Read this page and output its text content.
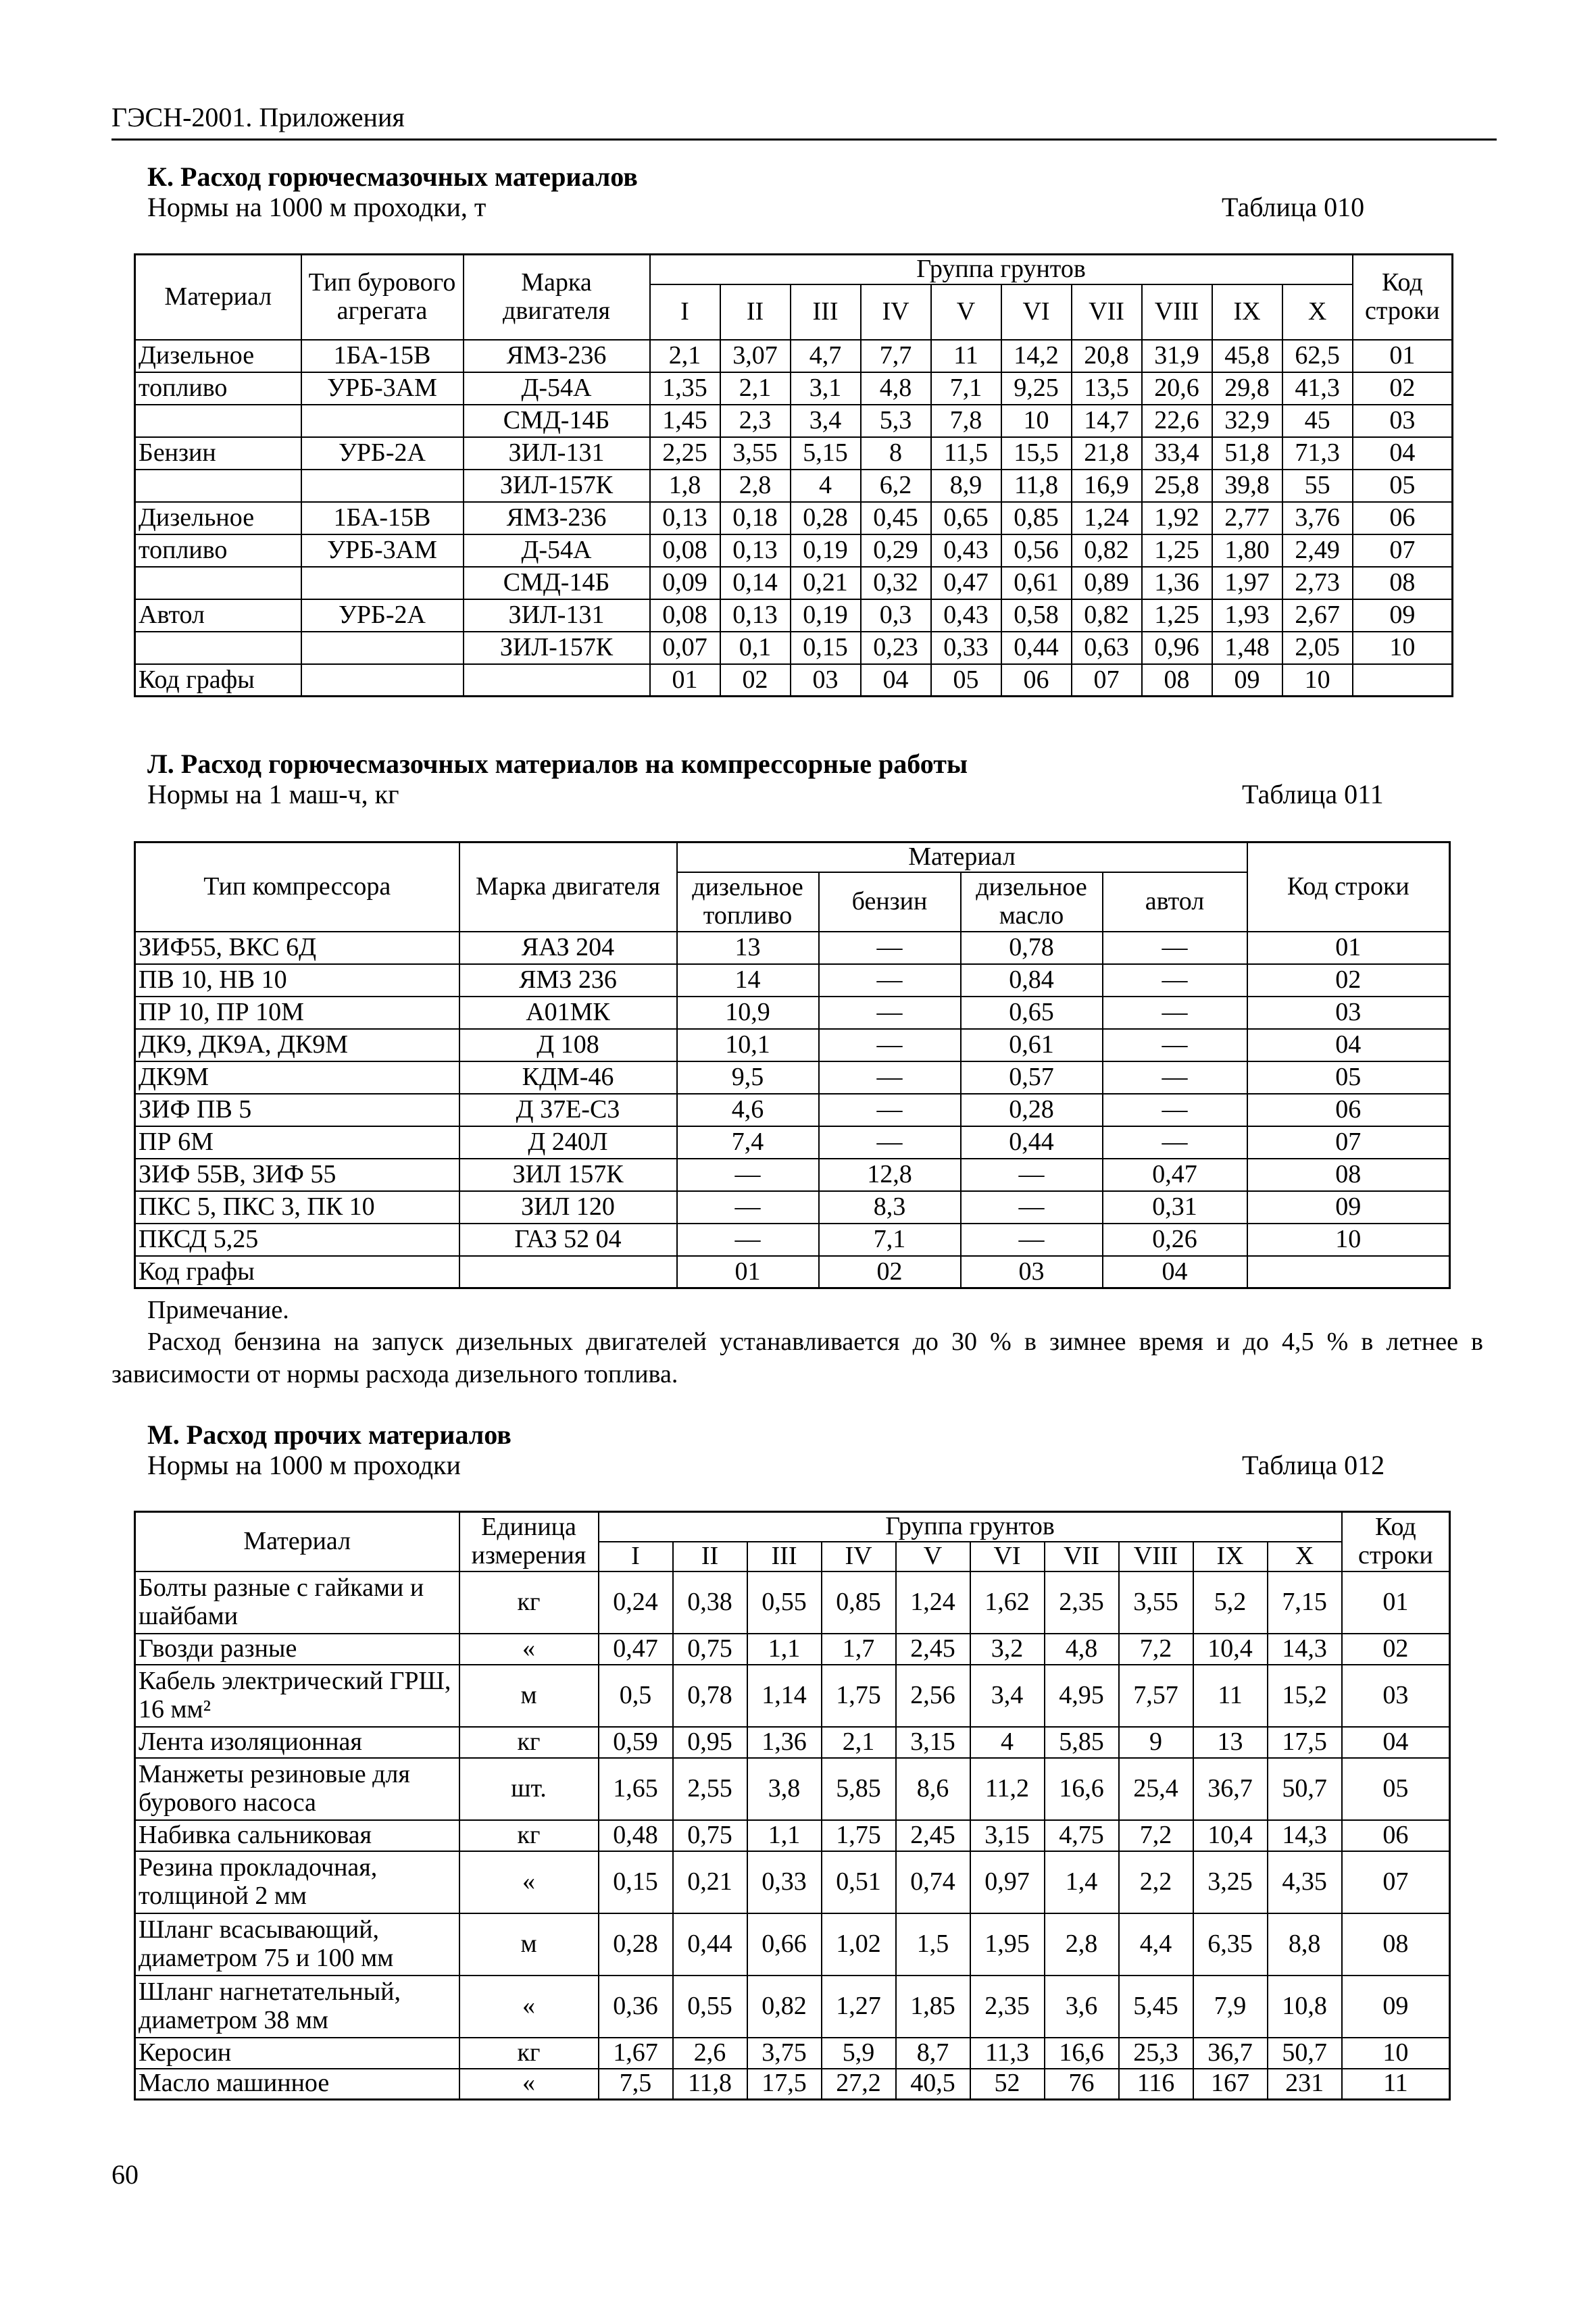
ГЭСН-2001. Приложения
К. Расход горючесмазочных материалов
Нормы на 1000 м проходки, т	Таблица 010
Материал	Тип бурового агрегата	Марка двигателя	Группа грунтов										Код строки
			I	II	III	IV	V	VI	VII	VIII	IX	X	
Дизельное	1БА-15В	ЯМЗ-236	2,1	3,07	4,7	7,7	11	14,2	20,8	31,9	45,8	62,5	01
топливо	УРБ-3АМ	Д-54А	1,35	2,1	3,1	4,8	7,1	9,25	13,5	20,6	29,8	41,3	02
		СМД-14Б	1,45	2,3	3,4	5,3	7,8	10	14,7	22,6	32,9	45	03
Бензин	УРБ-2А	ЗИЛ-131	2,25	3,55	5,15	8	11,5	15,5	21,8	33,4	51,8	71,3	04
		ЗИЛ-157К	1,8	2,8	4	6,2	8,9	11,8	16,9	25,8	39,8	55	05
Дизельное	1БА-15В	ЯМЗ-236	0,13	0,18	0,28	0,45	0,65	0,85	1,24	1,92	2,77	3,76	06
топливо	УРБ-3АМ	Д-54А	0,08	0,13	0,19	0,29	0,43	0,56	0,82	1,25	1,80	2,49	07
		СМД-14Б	0,09	0,14	0,21	0,32	0,47	0,61	0,89	1,36	1,97	2,73	08
Автол	УРБ-2А	ЗИЛ-131	0,08	0,13	0,19	0,3	0,43	0,58	0,82	1,25	1,93	2,67	09
		ЗИЛ-157К	0,07	0,1	0,15	0,23	0,33	0,44	0,63	0,96	1,48	2,05	10
Код графы			01	02	03	04	05	06	07	08	09	10	
Л. Расход горючесмазочных материалов на компрессорные работы
Нормы на 1 маш-ч, кг	Таблица 011
Тип компрессора	Марка двигателя	Материал				Код строки
		дизельное топливо	бензин	дизельное масло	автол	
ЗИФ55, ВКС 6Д	ЯАЗ 204	13	—	0,78	—	01
ПВ 10, НВ 10	ЯМЗ 236	14	—	0,84	—	02
ПР 10, ПР 10М	А01МК	10,9	—	0,65	—	03
ДК9, ДК9А, ДК9М	Д 108	10,1	—	0,61	—	04
ДК9М	КДМ-46	9,5	—	0,57	—	05
ЗИФ ПВ 5	Д 37Е-С3	4,6	—	0,28	—	06
ПР 6М	Д 240Л	7,4	—	0,44	—	07
ЗИФ 55В, ЗИФ 55	ЗИЛ 157К	—	12,8	—	0,47	08
ПКС 5, ПКС 3, ПК 10	ЗИЛ 120	—	8,3	—	0,31	09
ПКСД 5,25	ГАЗ 52 04	—	7,1	—	0,26	10
Код графы		01	02	03	04	
Примечание.
Расход бензина на запуск дизельных двигателей устанавливается до 30 % в зимнее время и до 4,5 % в летнее в зависимости от нормы расхода дизельного топлива.
М. Расход прочих материалов
Нормы на 1000 м проходки	Таблица 012
Материал	Единица измерения	Группа грунтов										Код строки
		I	II	III	IV	V	VI	VII	VIII	IX	X	
Болты разные с гайками и шайбами	кг	0,24	0,38	0,55	0,85	1,24	1,62	2,35	3,55	5,2	7,15	01
Гвозди разные	«	0,47	0,75	1,1	1,7	2,45	3,2	4,8	7,2	10,4	14,3	02
Кабель электрический ГРШ, 16 мм²	м	0,5	0,78	1,14	1,75	2,56	3,4	4,95	7,57	11	15,2	03
Лента изоляционная	кг	0,59	0,95	1,36	2,1	3,15	4	5,85	9	13	17,5	04
Манжеты резиновые для бурового насоса	шт.	1,65	2,55	3,8	5,85	8,6	11,2	16,6	25,4	36,7	50,7	05
Набивка сальниковая	кг	0,48	0,75	1,1	1,75	2,45	3,15	4,75	7,2	10,4	14,3	06
Резина прокладочная, толщиной 2 мм	«	0,15	0,21	0,33	0,51	0,74	0,97	1,4	2,2	3,25	4,35	07
Шланг всасывающий, диаметром 75 и 100 мм	м	0,28	0,44	0,66	1,02	1,5	1,95	2,8	4,4	6,35	8,8	08
Шланг нагнетательный, диаметром 38 мм	«	0,36	0,55	0,82	1,27	1,85	2,35	3,6	5,45	7,9	10,8	09
Керосин	кг	1,67	2,6	3,75	5,9	8,7	11,3	16,6	25,3	36,7	50,7	10
Масло машинное	«	7,5	11,8	17,5	27,2	40,5	52	76	116	167	231	11
60
